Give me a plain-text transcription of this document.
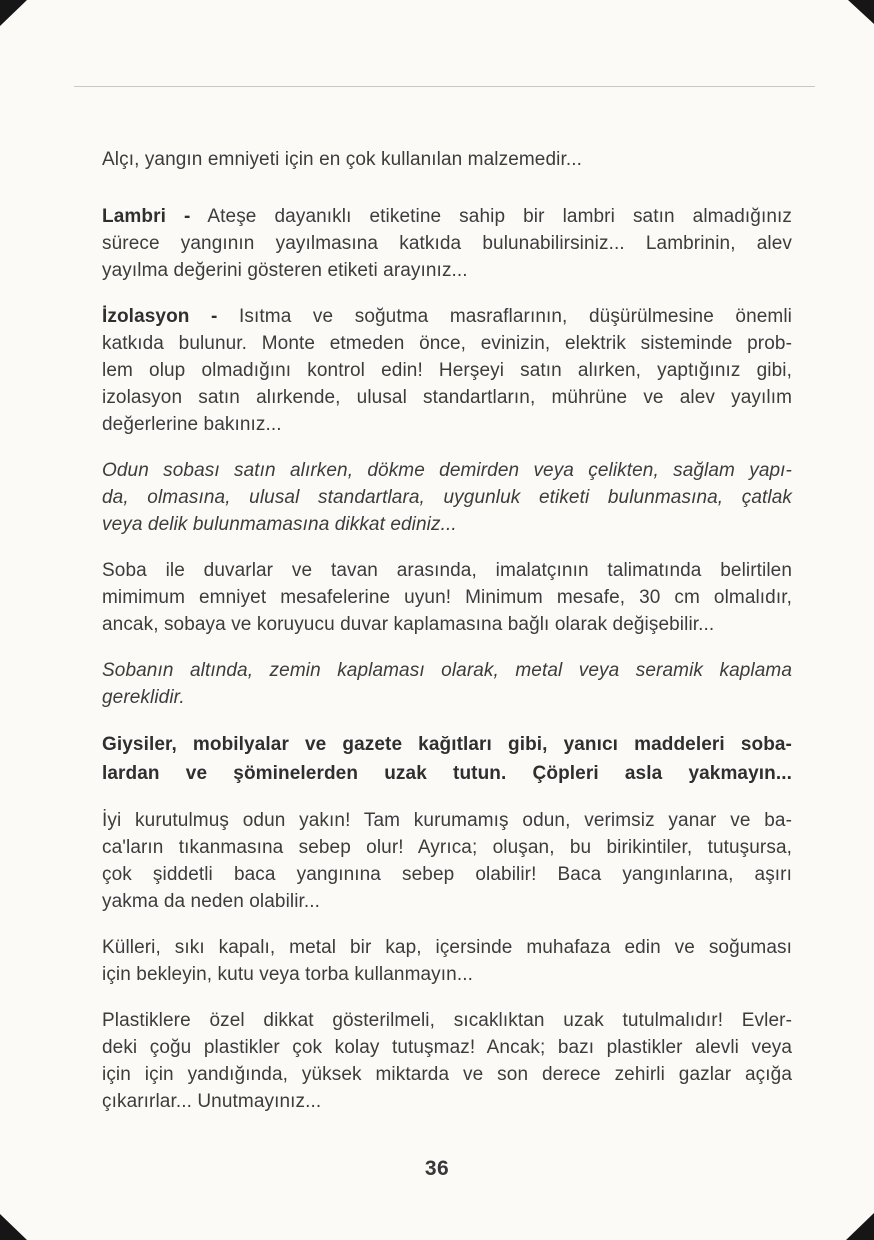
Alçı, yangın emniyeti için en çok kullanılan malzemedir...
Lambri - Ateşe dayanıklı etiketine sahip bir lambri satın almadığınız
sürece yangının yayılmasına katkıda bulunabilirsiniz... Lambrinin, alev
yayılma değerini gösteren etiketi arayınız...
İzolasyon - Isıtma ve soğutma masraflarının, düşürülmesine önemli
katkıda bulunur. Monte etmeden önce, evinizin, elektrik sisteminde prob-
lem olup olmadığını kontrol edin! Herşeyi satın alırken, yaptığınız gibi,
izolasyon satın alırkende, ulusal standartların, mührüne ve alev yayılım
değerlerine bakınız...
Odun sobası satın alırken, dökme demirden veya çelikten, sağlam yapı-
da, olmasına, ulusal standartlara, uygunluk etiketi bulunmasına, çatlak
veya delik bulunmamasına dikkat ediniz...
Soba ile duvarlar ve tavan arasında, imalatçının talimatında belirtilen
mimimum emniyet mesafelerine uyun! Minimum mesafe, 30 cm olmalıdır,
ancak, sobaya ve koruyucu duvar kaplamasına bağlı olarak değişebilir...
Sobanın altında, zemin kaplaması olarak, metal veya seramik kaplama
gereklidir.
Giysiler, mobilyalar ve gazete kağıtları gibi, yanıcı maddeleri soba-
lardan ve şöminelerden uzak tutun. Çöpleri asla yakmayın...
İyi kurutulmuş odun yakın! Tam kurumamış odun, verimsiz yanar ve ba-
ca'ların tıkanmasına sebep olur! Ayrıca; oluşan, bu birikintiler, tutuşursa,
çok şiddetli baca yangınına sebep olabilir! Baca yangınlarına, aşırı
yakma da neden olabilir...
Külleri, sıkı kapalı, metal bir kap, içersinde muhafaza edin ve soğuması
için bekleyin, kutu veya torba kullanmayın...
Plastiklere özel dikkat gösterilmeli, sıcaklıktan uzak tutulmalıdır! Evler-
deki çoğu plastikler çok kolay tutuşmaz! Ancak; bazı plastikler alevli veya
için için yandığında, yüksek miktarda ve son derece zehirli gazlar açığa
çıkarırlar... Unutmayınız...
36
